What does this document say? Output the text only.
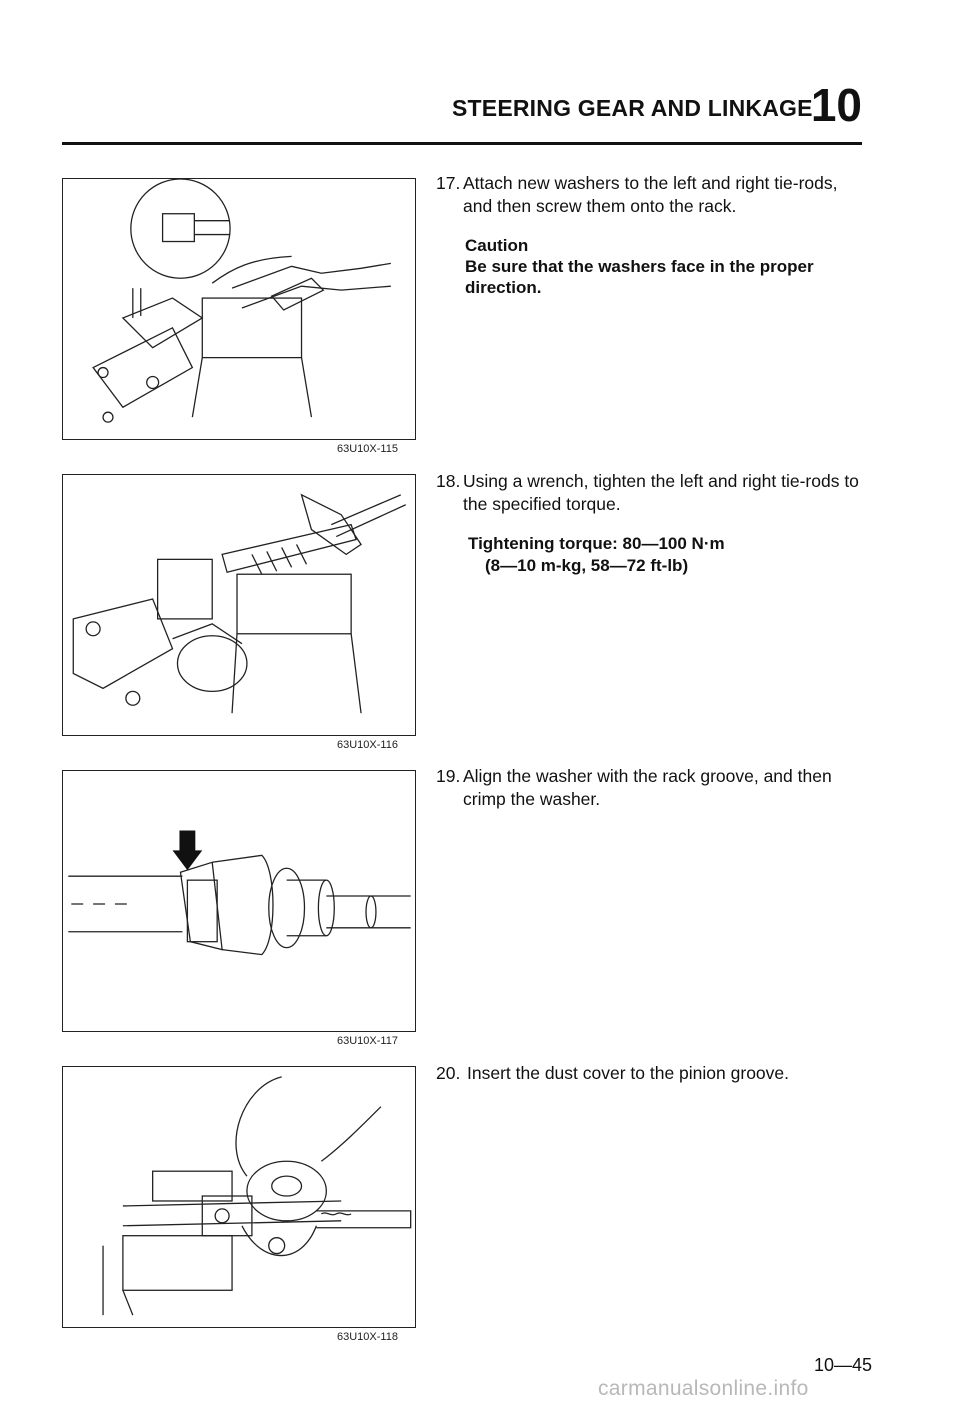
STEERING GEAR AND LINKAGE
10
63U10X-115
63U10X-116
63U10X-117
63U10X-118
17. Attach new washers to the left and right tie-rods, and then screw them onto the rack.
Caution
Be sure that the washers face in the proper direction.
18. Using a wrench, tighten the left and right tie-rods to the specified torque.
Tightening torque: 80—100 N·m
(8—10 m-kg, 58—72 ft-lb)
19. Align the washer with the rack groove, and then crimp the washer.
20. Insert the dust cover to the pinion groove.
10—45
carmanualsonline.info
